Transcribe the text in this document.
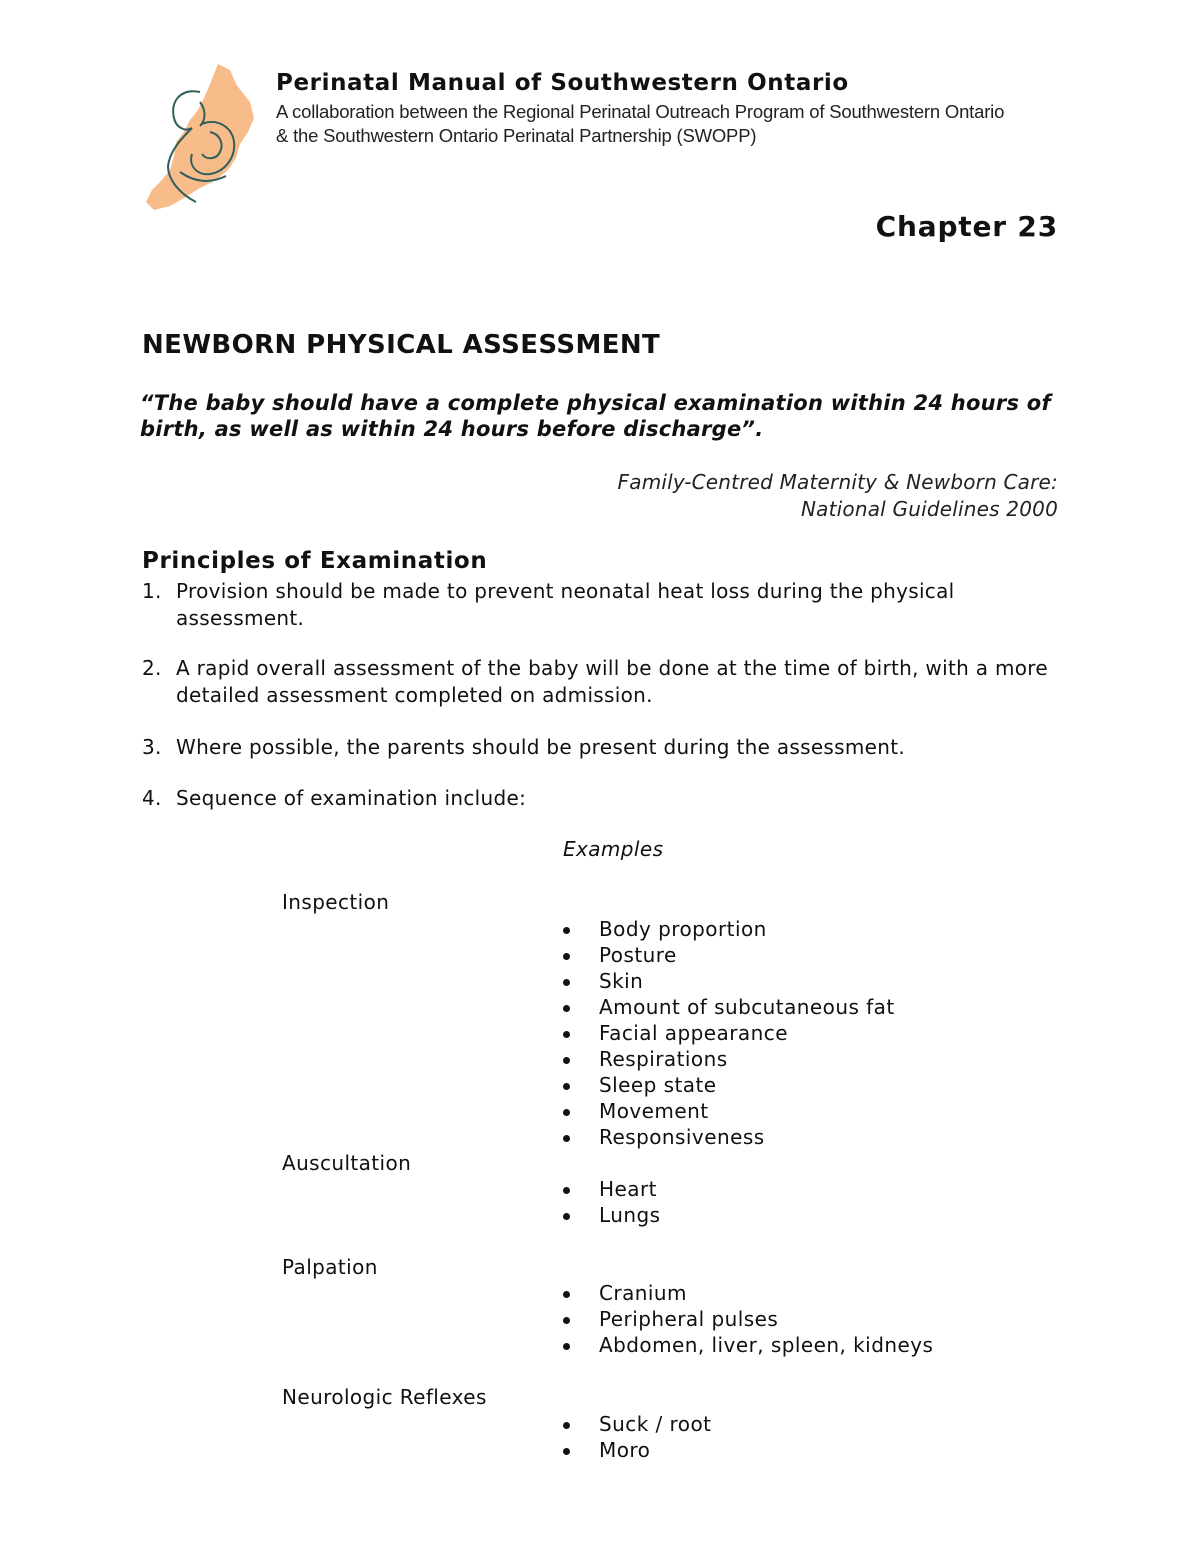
Perinatal Manual of Southwestern Ontario
A collaboration between the Regional Perinatal Outreach Program of Southwestern Ontario & the Southwestern Ontario Perinatal Partnership (SWOPP)
Chapter 23
NEWBORN PHYSICAL ASSESSMENT
“The baby should have a complete physical examination within 24 hours of birth, as well as within 24 hours before discharge”.
Family-Centred Maternity & Newborn Care:
National Guidelines 2000
Principles of Examination
1. Provision should be made to prevent neonatal heat loss during the physical assessment.
2. A rapid overall assessment of the baby will be done at the time of birth, with a more detailed assessment completed on admission.
3. Where possible, the parents should be present during the assessment.
4. Sequence of examination include:
Examples
Inspection
Body proportion
Posture
Skin
Amount of subcutaneous fat
Facial appearance
Respirations
Sleep state
Movement
Responsiveness
Auscultation
Heart
Lungs
Palpation
Cranium
Peripheral pulses
Abdomen, liver, spleen, kidneys
Neurologic Reflexes
Suck / root
Moro
